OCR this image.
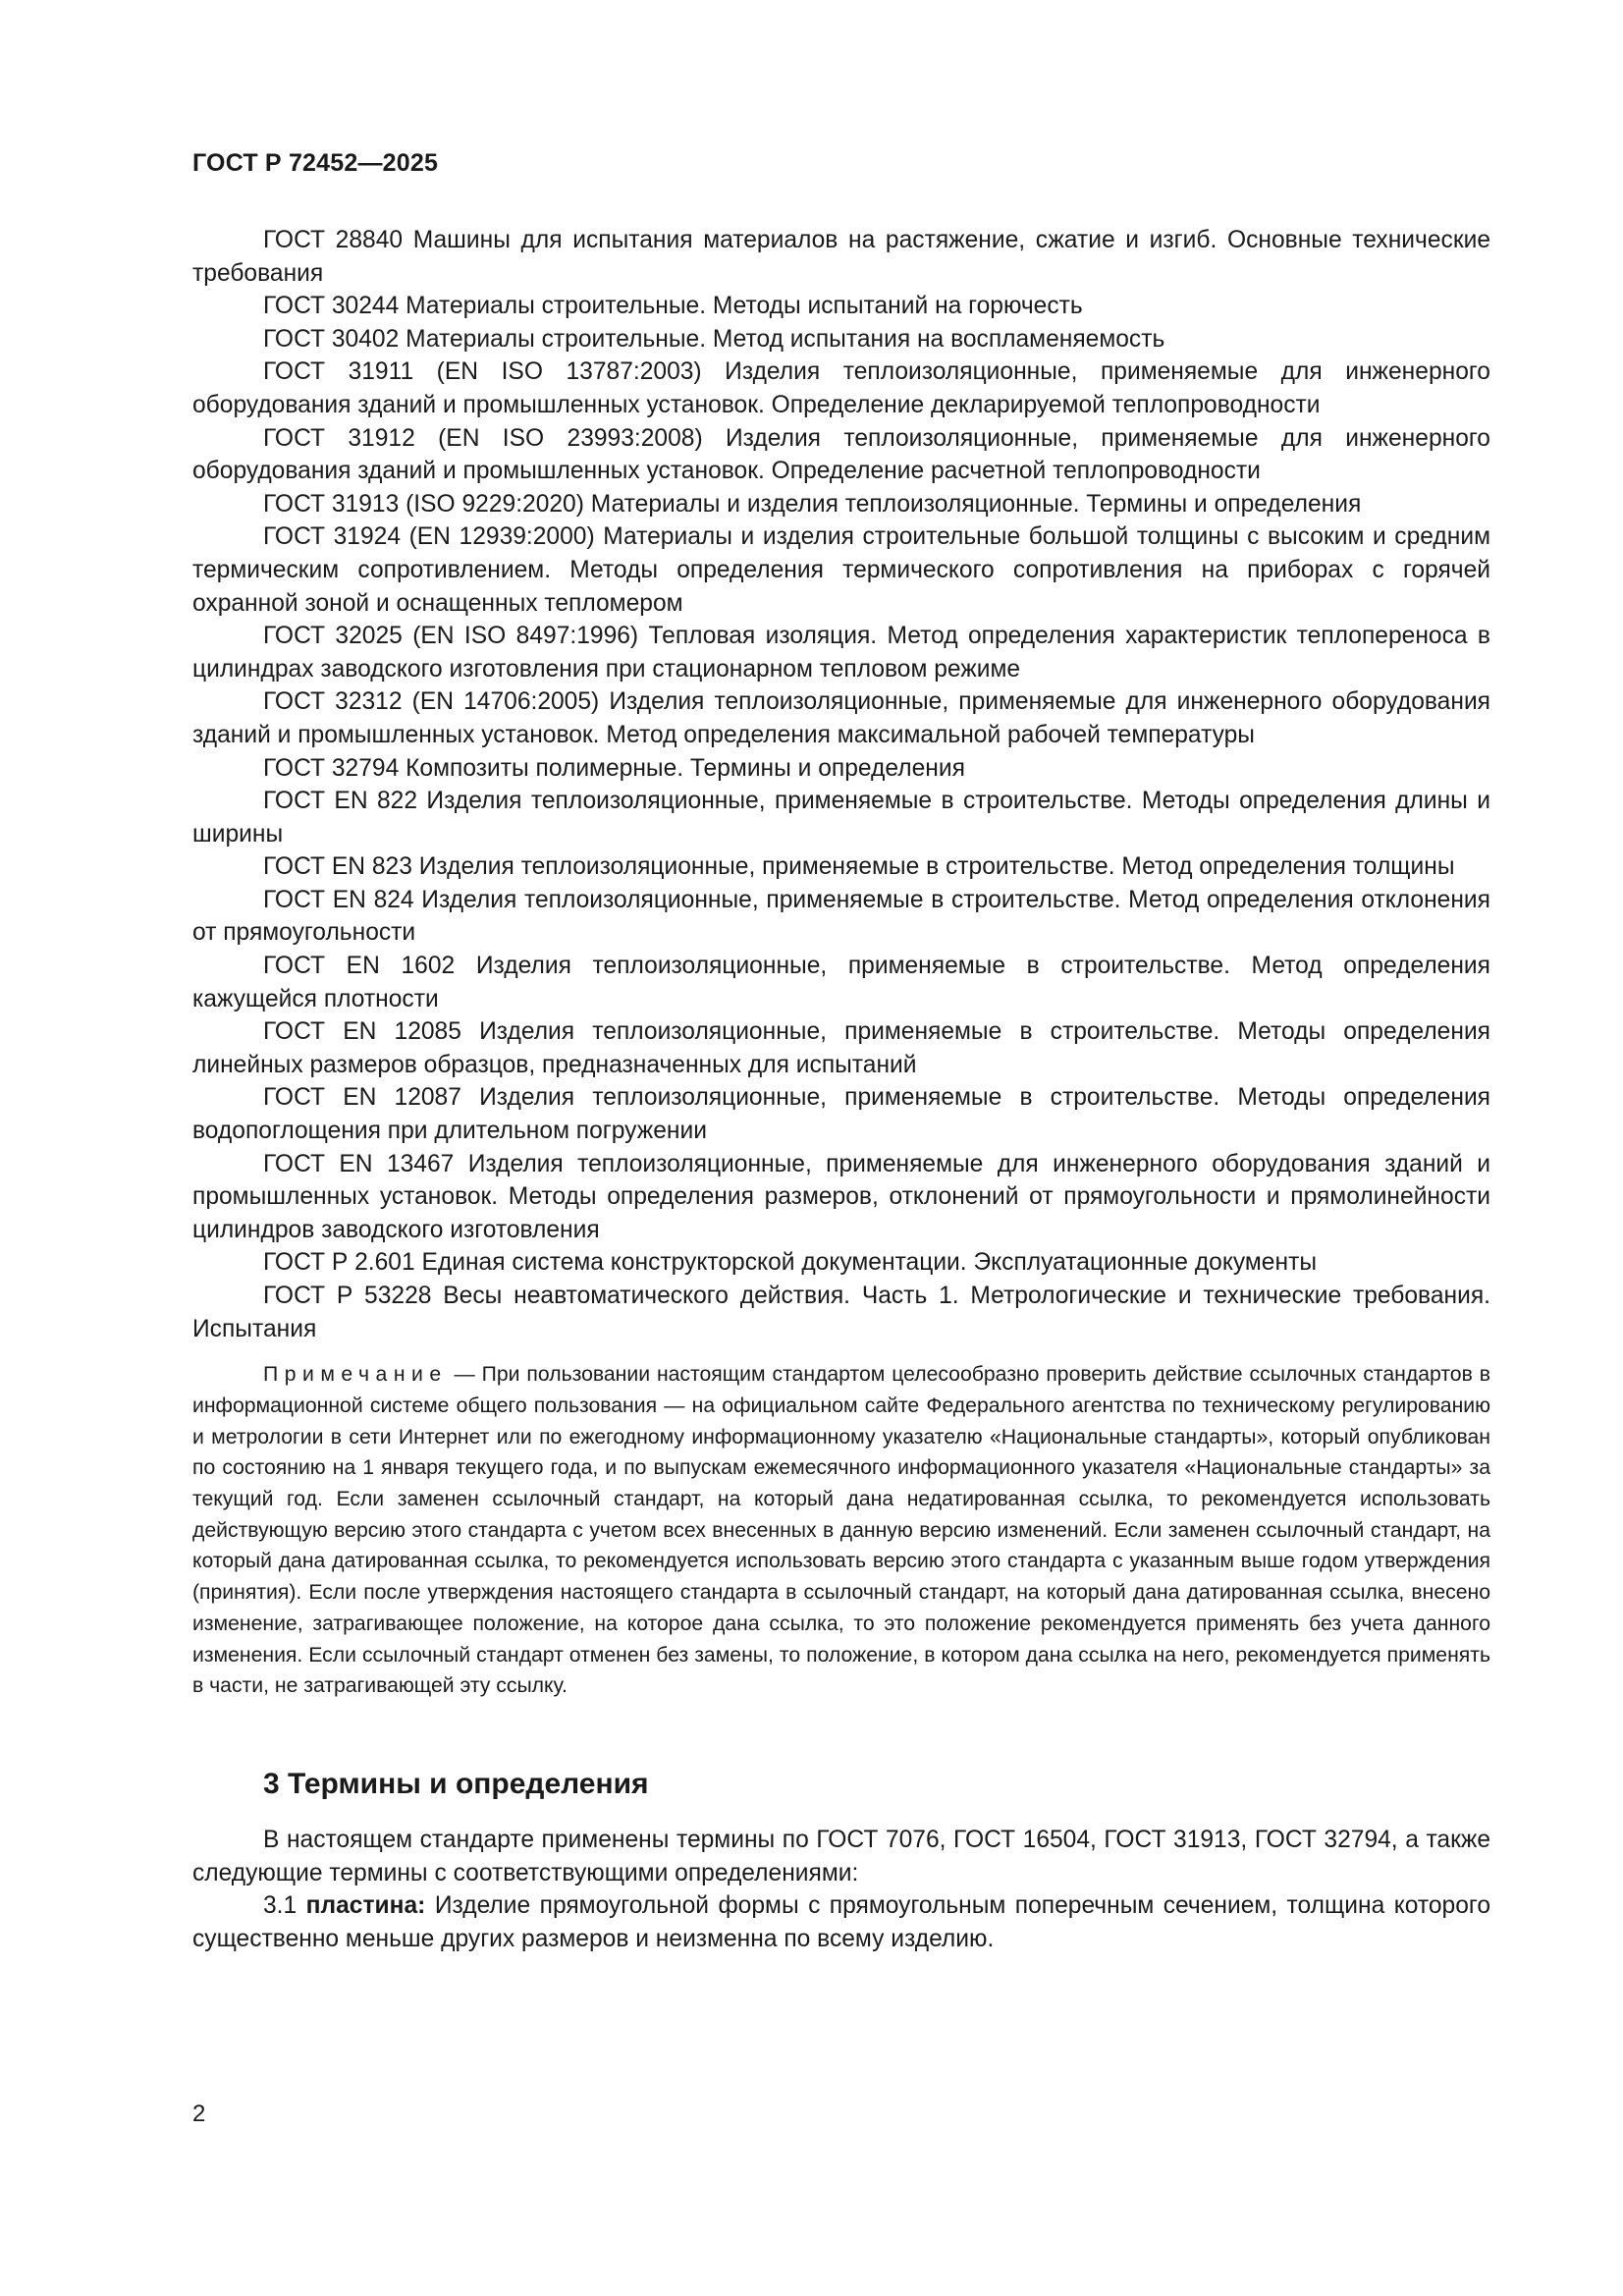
ГОСТ Р 72452—2025

ГОСТ 28840 Машины для испытания материалов на растяжение, сжатие и изгиб. Основные технические требования

ГОСТ 30244 Материалы строительные. Методы испытаний на горючесть

ГОСТ 30402 Материалы строительные. Метод испытания на воспламеняемость

ГОСТ 31911 (EN ISO 13787:2003) Изделия теплоизоляционные, применяемые для инженерного оборудования зданий и промышленных установок. Определение декларируемой теплопроводности

ГОСТ 31912 (EN ISO 23993:2008) Изделия теплоизоляционные, применяемые для инженерного оборудования зданий и промышленных установок. Определение расчетной теплопроводности

ГОСТ 31913 (ISO 9229:2020) Материалы и изделия теплоизоляционные. Термины и определения

ГОСТ 31924 (EN 12939:2000) Материалы и изделия строительные большой толщины с высоким и средним термическим сопротивлением. Методы определения термического сопротивления на приборах с горячей охранной зоной и оснащенных тепломером

ГОСТ 32025 (EN ISO 8497:1996) Тепловая изоляция. Метод определения характеристик теплопереноса в цилиндрах заводского изготовления при стационарном тепловом режиме

ГОСТ 32312 (EN 14706:2005) Изделия теплоизоляционные, применяемые для инженерного оборудования зданий и промышленных установок. Метод определения максимальной рабочей температуры

ГОСТ 32794 Композиты полимерные. Термины и определения

ГОСТ EN 822 Изделия теплоизоляционные, применяемые в строительстве. Методы определения длины и ширины

ГОСТ EN 823 Изделия теплоизоляционные, применяемые в строительстве. Метод определения толщины

ГОСТ EN 824 Изделия теплоизоляционные, применяемые в строительстве. Метод определения отклонения от прямоугольности

ГОСТ EN 1602 Изделия теплоизоляционные, применяемые в строительстве. Метод определения кажущейся плотности

ГОСТ EN 12085 Изделия теплоизоляционные, применяемые в строительстве. Методы определения линейных размеров образцов, предназначенных для испытаний

ГОСТ EN 12087 Изделия теплоизоляционные, применяемые в строительстве. Методы определения водопоглощения при длительном погружении

ГОСТ EN 13467 Изделия теплоизоляционные, применяемые для инженерного оборудования зданий и промышленных установок. Методы определения размеров, отклонений от прямоугольности и прямолинейности цилиндров заводского изготовления

ГОСТ Р 2.601 Единая система конструкторской документации. Эксплуатационные документы

ГОСТ Р 53228 Весы неавтоматического действия. Часть 1. Метрологические и технические требования. Испытания

Примечание — При пользовании настоящим стандартом целесообразно проверить действие ссылочных стандартов в информационной системе общего пользования — на официальном сайте Федерального агентства по техническому регулированию и метрологии в сети Интернет или по ежегодному информационному указателю «Национальные стандарты», который опубликован по состоянию на 1 января текущего года, и по выпускам ежемесячного информационного указателя «Национальные стандарты» за текущий год. Если заменен ссылочный стандарт, на который дана недатированная ссылка, то рекомендуется использовать действующую версию этого стандарта с учетом всех внесенных в данную версию изменений. Если заменен ссылочный стандарт, на который дана датированная ссылка, то рекомендуется использовать версию этого стандарта с указанным выше годом утверждения (принятия). Если после утверждения настоящего стандарта в ссылочный стандарт, на который дана датированная ссылка, внесено изменение, затрагивающее положение, на которое дана ссылка, то это положение рекомендуется применять без учета данного изменения. Если ссылочный стандарт отменен без замены, то положение, в котором дана ссылка на него, рекомендуется применять в части, не затрагивающей эту ссылку.

3 Термины и определения

В настоящем стандарте применены термины по ГОСТ 7076, ГОСТ 16504, ГОСТ 31913, ГОСТ 32794, а также следующие термины с соответствующими определениями:

3.1 пластина: Изделие прямоугольной формы с прямоугольным поперечным сечением, толщина которого существенно меньше других размеров и неизменна по всему изделию.

2
